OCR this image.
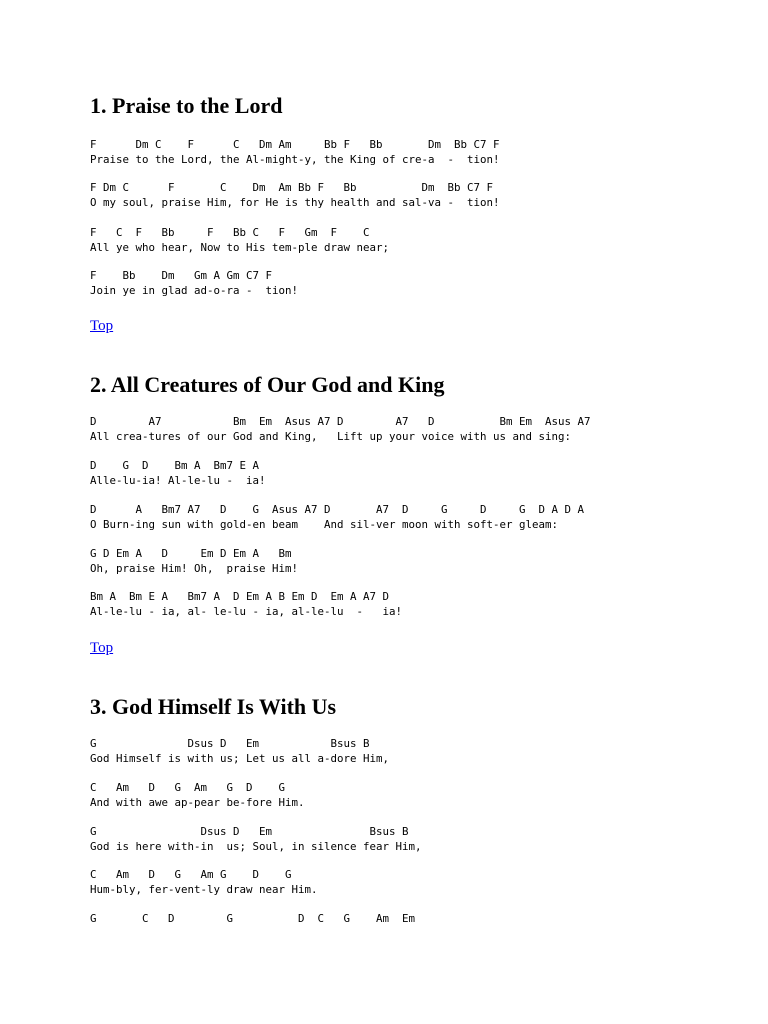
1. Praise to the Lord
F      Dm C    F      C   Dm Am     Bb F   Bb       Dm  Bb C7 F
Praise to the Lord, the Al-might-y, the King of cre-a  -  tion!
F Dm C      F       C    Dm  Am Bb F   Bb          Dm  Bb C7 F
O my soul, praise Him, for He is thy health and sal-va -  tion!
F   C  F   Bb     F   Bb C   F   Gm  F    C
All ye who hear, Now to His tem-ple draw near;
F    Bb    Dm   Gm A Gm C7 F
Join ye in glad ad-o-ra -  tion!
Top
2. All Creatures of Our God and King
D        A7           Bm  Em  Asus A7 D        A7   D          Bm Em  Asus A7
All crea-tures of our God and King,   Lift up your voice with us and sing:
D    G  D    Bm A  Bm7 E A
Alle-lu-ia! Al-le-lu -  ia!
D      A   Bm7 A7   D    G  Asus A7 D       A7  D     G     D     G  D A D A
O Burn-ing sun with gold-en beam    And sil-ver moon with soft-er gleam:
G D Em A   D     Em D Em A   Bm
Oh, praise Him! Oh,  praise Him!
Bm A  Bm E A   Bm7 A  D Em A B Em D  Em A A7 D
Al-le-lu - ia, al- le-lu - ia, al-le-lu  -   ia!
Top
3. God Himself Is With Us
G              Dsus D   Em           Bsus B
God Himself is with us; Let us all a-dore Him,
C   Am   D   G  Am   G  D    G
And with awe ap-pear be-fore Him.
G                Dsus D   Em               Bsus B
God is here with-in  us; Soul, in silence fear Him,
C   Am   D   G   Am G    D    G
Hum-bly, fer-vent-ly draw near Him.
G       C   D        G          D  C   G    Am  Em
